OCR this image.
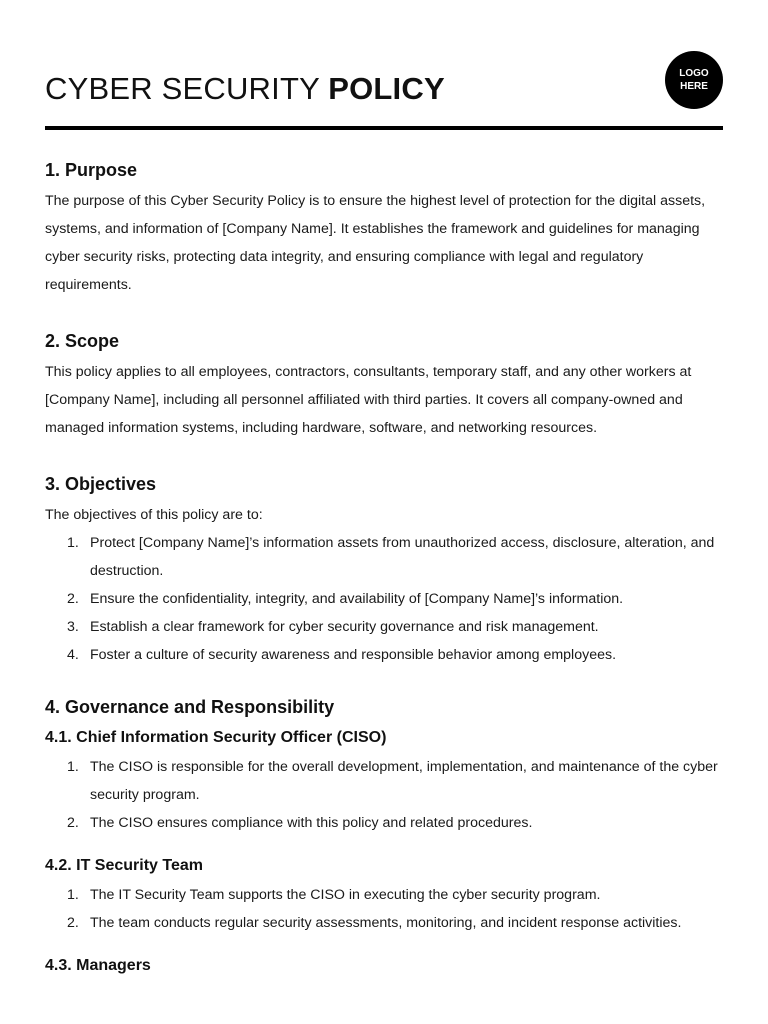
CYBER SECURITY POLICY	LOGO
HERE
1. Purpose

The purpose of this Cyber Security Policy is to ensure the highest level of protection for the digital assets, systems, and information of [Company Name]. It establishes the framework and guidelines for managing cyber security risks, protecting data integrity, and ensuring compliance with legal and regulatory requirements.

2. Scope

This policy applies to all employees, contractors, consultants, temporary staff, and any other workers at [Company Name], including all personnel affiliated with third parties. It covers all company-owned and managed information systems, including hardware, software, and networking resources.

3. Objectives

The objectives of this policy are to:

1. Protect [Company Name]’s information assets from unauthorized access, disclosure, alteration, and destruction.
2. Ensure the confidentiality, integrity, and availability of [Company Name]’s information.
3. Establish a clear framework for cyber security governance and risk management.
4. Foster a culture of security awareness and responsible behavior among employees.
4. Governance and Responsibility
4.1. Chief Information Security Officer (CISO)
1. The CISO is responsible for the overall development, implementation, and maintenance of the cyber security program.
2. The CISO ensures compliance with this policy and related procedures.
4.2. IT Security Team
1. The IT Security Team supports the CISO in executing the cyber security program.
2. The team conducts regular security assessments, monitoring, and incident response activities.
4.3. Managers
